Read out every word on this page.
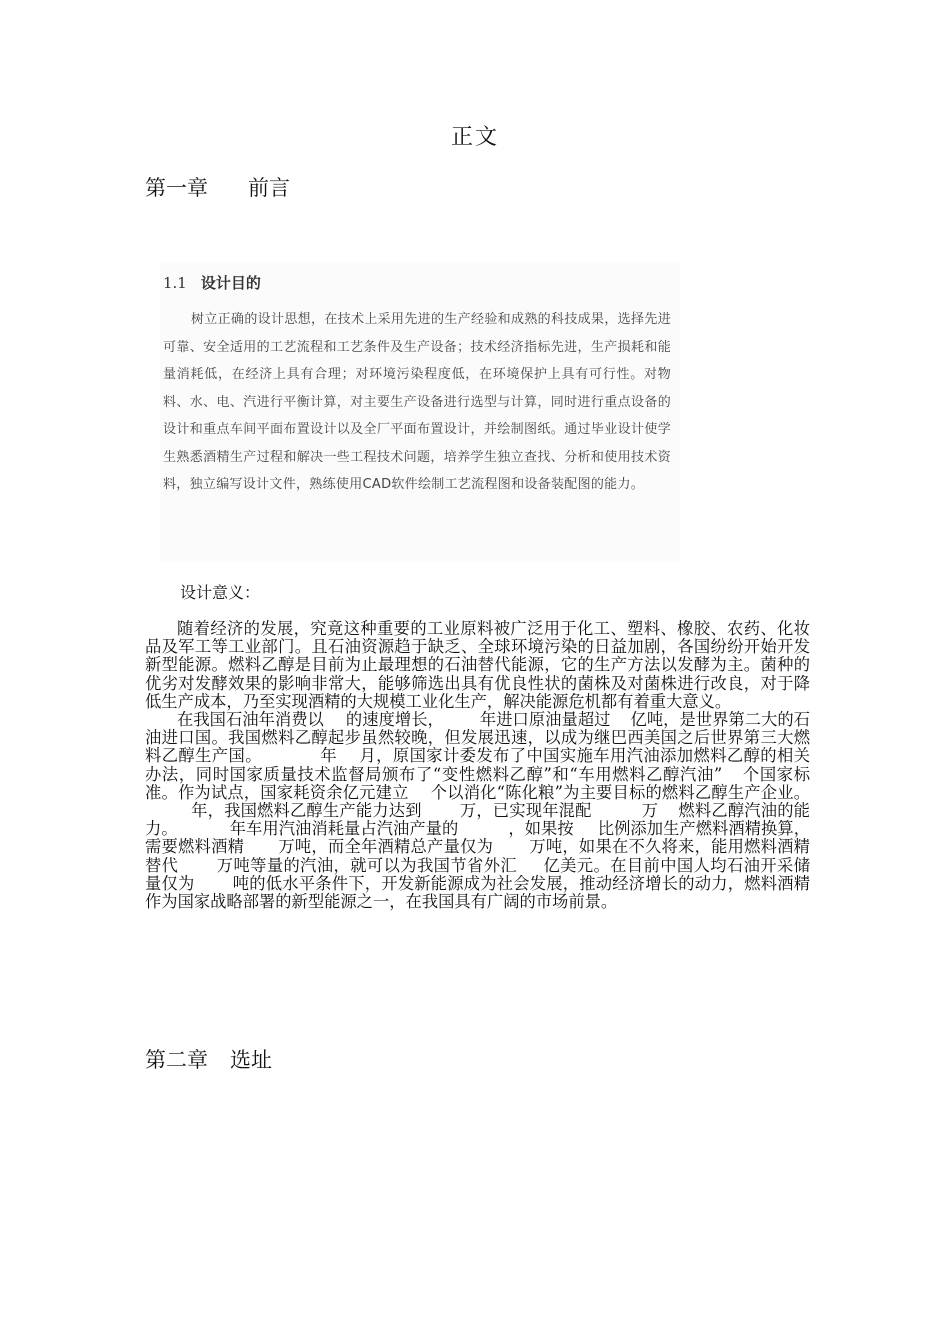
正文
第一章 前言
1.1 设计目的
树立正确的设计思想，在技术上采用先进的生产经验和成熟的科技成果，选择先进可靠、安全适用的工艺流程和工艺条件及生产设备；技术经济指标先进，生产损耗和能量消耗低，在经济上具有合理；对环境污染程度低，在环境保护上具有可行性。对物料、水、电、汽进行平衡计算，对主要生产设备进行选型与计算，同时进行重点设备的设计和重点车间平面布置设计以及全厂平面布置设计，并绘制图纸。通过毕业设计使学生熟悉酒精生产过程和解决一些工程技术问题，培养学生独立查找、分析和使用技术资料，独立编写设计文件，熟练使用CAD软件绘制工艺流程图和设备装配图的能力。
设计意义：

随着经济的发展，究竟这种重要的工业原料被广泛用于化工、塑料、橡胶、农药、化妆品及军工等工业部门。且石油资源趋于缺乏、全球环境污染的日益加剧，各国纷纷开始开发新型能源。燃料乙醇是目前为止最理想的石油替代能源，它的生产方法以发酵为主。菌种的优劣对发酵效果的影响非常大，能够筛选出具有优良性状的菌株及对菌株进行改良，对于降低生产成本，乃至实现酒精的大规模工业化生产，解决能源危机都有着重大意义。

在我国石油年消费以 的速度增长， 年进口原油量超过 亿吨，是世界第二大的石油进口国。我国燃料乙醇起步虽然较晚，但发展迅速，以成为继巴西美国之后世界第三大燃料乙醇生产国。	年 月，原国家计委发布了中国实施车用汽油添加燃料乙醇的相关办法，同时国家质量技术监督局颁布了“变性燃料乙醇”和“车用燃料乙醇汽油” 个国家标准。作为试点，国家耗资余亿元建立 个以消化“陈化粮”为主要目标的燃料乙醇生产企业。年，我国燃料乙醇生产能力达到 万，已实现年混配	万 燃料乙醇汽油的能力。	年车用汽油消耗量占汽油产量的	，如果按 比例添加生产燃料酒精换算，需要燃料酒精 万吨，而全年酒精总产量仅为 万吨，如果在不久将来，能用燃料酒精替代 万吨等量的汽油，就可以为我国节省外汇 亿美元。在目前中国人均石油开采储量仅为 吨的低水平条件下，开发新能源成为社会发展，推动经济增长的动力，燃料酒精作为国家战略部署的新型能源之一，在我国具有广阔的市场前景。

第二章 选址
